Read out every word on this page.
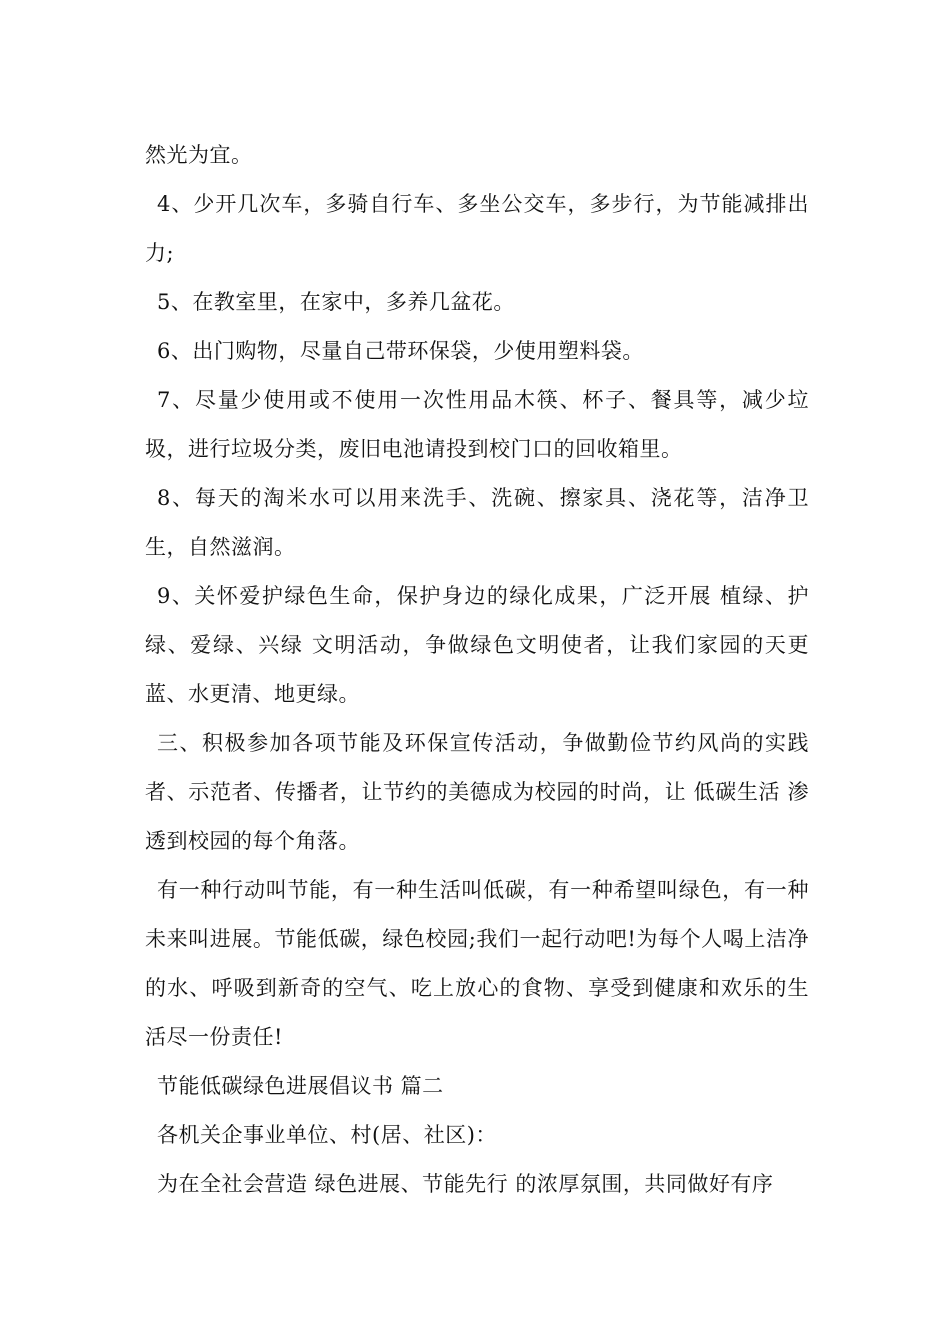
然光为宜。

4、少开几次车，多骑自行车、多坐公交车，多步行，为节能减排出力;

5、在教室里，在家中，多养几盆花。

6、出门购物，尽量自己带环保袋，少使用塑料袋。

7、尽量少使用或不使用一次性用品木筷、杯子、餐具等，减少垃圾，进行垃圾分类，废旧电池请投到校门口的回收箱里。

8、每天的淘米水可以用来洗手、洗碗、擦家具、浇花等，洁净卫生，自然滋润。

9、关怀爱护绿色生命，保护身边的绿化成果，广泛开展 植绿、护绿、爱绿、兴绿 文明活动，争做绿色文明使者，让我们家园的天更蓝、水更清、地更绿。

三、积极参加各项节能及环保宣传活动，争做勤俭节约风尚的实践者、示范者、传播者，让节约的美德成为校园的时尚，让 低碳生活 渗透到校园的每个角落。

有一种行动叫节能，有一种生活叫低碳，有一种希望叫绿色，有一种未来叫进展。节能低碳，绿色校园;我们一起行动吧!为每个人喝上洁净的水、呼吸到新奇的空气、吃上放心的食物、享受到健康和欢乐的生活尽一份责任!

节能低碳绿色进展倡议书 篇二

各机关企事业单位、村(居、社区)：

为在全社会营造 绿色进展、节能先行 的浓厚氛围，共同做好有序
